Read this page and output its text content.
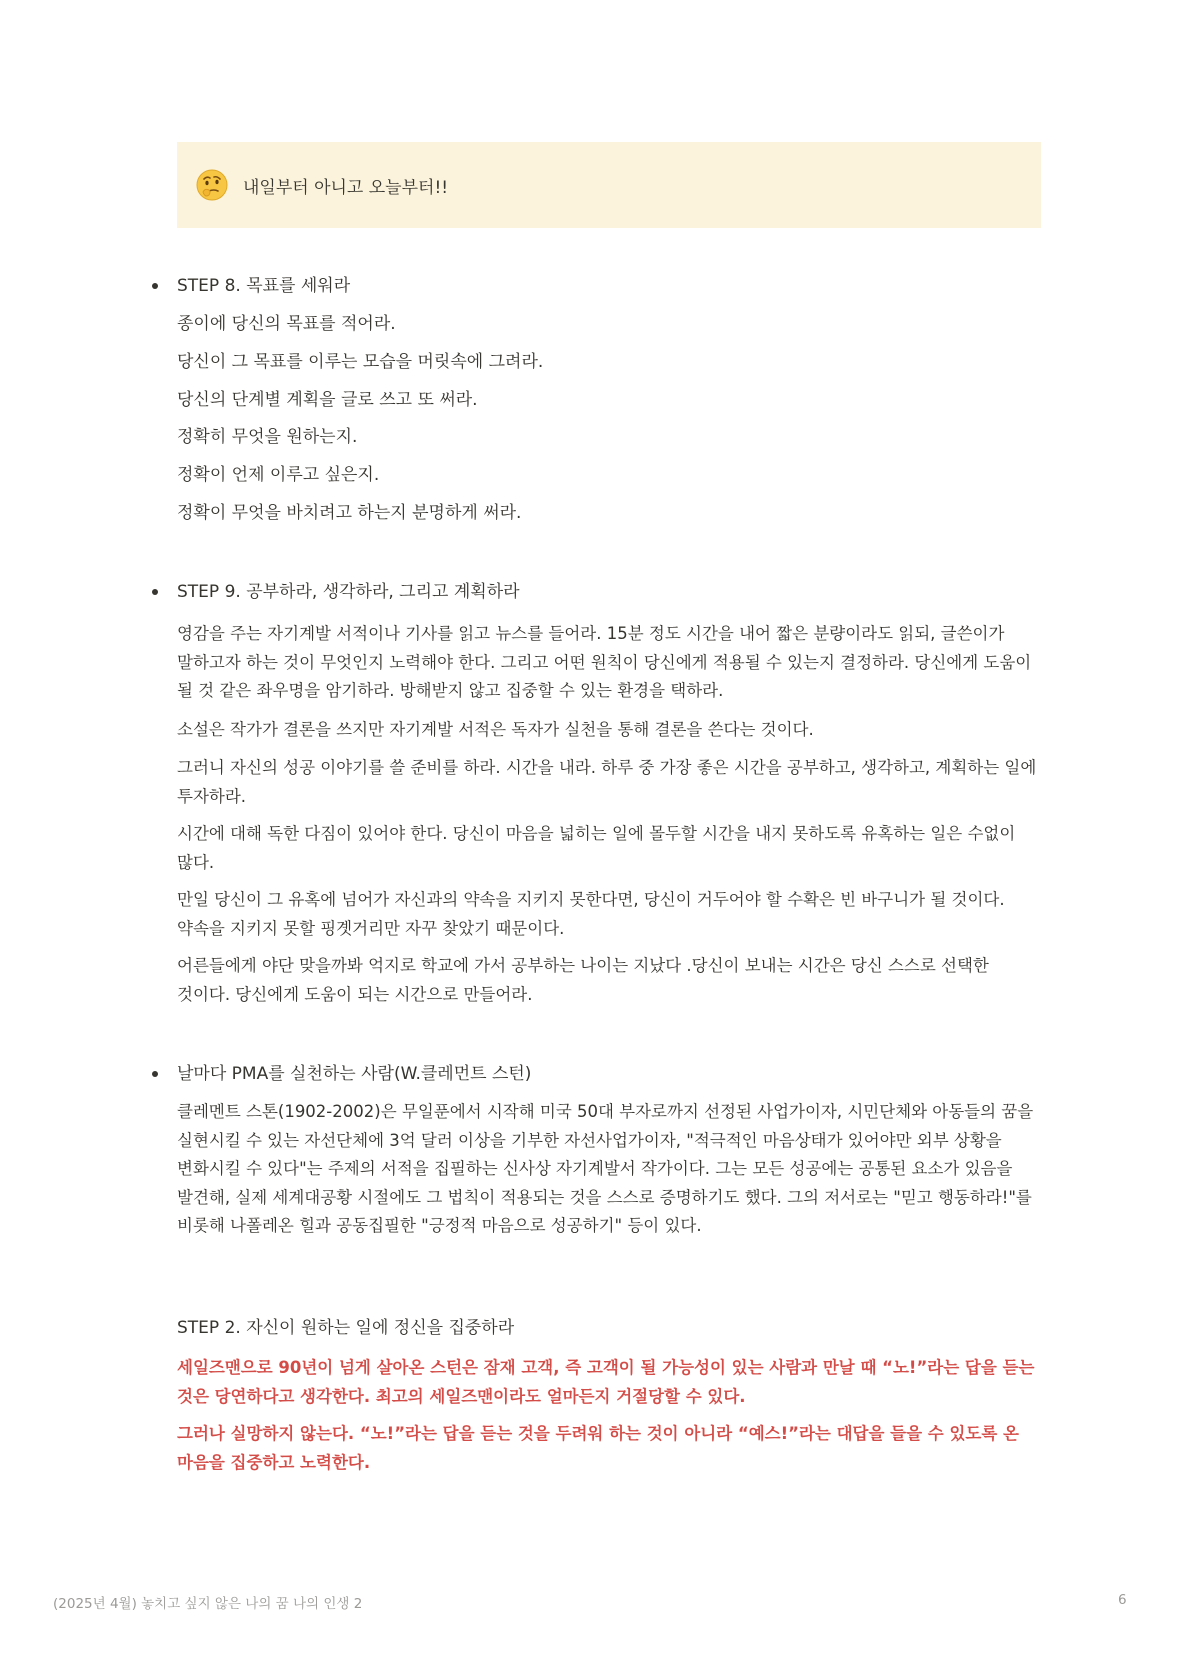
내일부터 아니고 오늘부터!!
STEP 8. 목표를 세워라
종이에 당신의 목표를 적어라.
당신이 그 목표를 이루는 모습을 머릿속에 그려라.
당신의 단계별 계획을 글로 쓰고 또 써라.
정확히 무엇을 원하는지.
정확이 언제 이루고 싶은지.
정확이 무엇을 바치려고 하는지 분명하게 써라.
STEP 9. 공부하라, 생각하라, 그리고 계획하라
영감을 주는 자기계발 서적이나 기사를 읽고 뉴스를 들어라. 15분 정도 시간을 내어 짧은 분량이라도 읽되, 글쓴이가 말하고자 하는 것이 무엇인지 노력해야 한다. 그리고 어떤 원칙이 당신에게 적용될 수 있는지 결정하라. 당신에게 도움이 될 것 같은 좌우명을 암기하라. 방해받지 않고 집중할 수 있는 환경을 택하라.
소설은 작가가 결론을 쓰지만 자기계발 서적은 독자가 실천을 통해 결론을 쓴다는 것이다.
그러니 자신의 성공 이야기를 쓸 준비를 하라. 시간을 내라. 하루 중 가장 좋은 시간을 공부하고, 생각하고, 계획하는 일에 투자하라.
시간에 대해 독한 다짐이 있어야 한다. 당신이 마음을 넓히는 일에 몰두할 시간을 내지 못하도록 유혹하는 일은 수없이 많다.
만일 당신이 그 유혹에 넘어가 자신과의 약속을 지키지 못한다면, 당신이 거두어야 할 수확은 빈 바구니가 될 것이다. 약속을 지키지 못할 핑곗거리만 자꾸 찾았기 때문이다.
어른들에게 야단 맞을까봐 억지로 학교에 가서 공부하는 나이는 지났다 .당신이 보내는 시간은 당신 스스로 선택한 것이다. 당신에게 도움이 되는 시간으로 만들어라.
날마다 PMA를 실천하는 사람(W.클레먼트 스턴)
클레멘트 스톤(1902-2002)은 무일푼에서 시작해 미국 50대 부자로까지 선정된 사업가이자, 시민단체와 아동들의 꿈을 실현시킬 수 있는 자선단체에 3억 달러 이상을 기부한 자선사업가이자, "적극적인 마음상태가 있어야만 외부 상황을 변화시킬 수 있다"는 주제의 서적을 집필하는 신사상 자기계발서 작가이다. 그는 모든 성공에는 공통된 요소가 있음을 발견해, 실제 세계대공황 시절에도 그 법칙이 적용되는 것을 스스로 증명하기도 했다. 그의 저서로는 "믿고 행동하라!"를 비롯해 나폴레온 힐과 공동집필한 "긍정적 마음으로 성공하기" 등이 있다.
STEP 2. 자신이 원하는 일에 정신을 집중하라
세일즈맨으로 90년이 넘게 살아온 스턴은 잠재 고객, 즉 고객이 될 가능성이 있는 사람과 만날 때 “노!”라는 답을 듣는 것은 당연하다고 생각한다. 최고의 세일즈맨이라도 얼마든지 거절당할 수 있다.
그러나 실망하지 않는다. “노!”라는 답을 듣는 것을 두려워 하는 것이 아니라 “예스!”라는 대답을 들을 수 있도록 온 마음을 집중하고 노력한다.
(2025년 4월) 놓치고 싶지 않은 나의 꿈 나의 인생 2	6
